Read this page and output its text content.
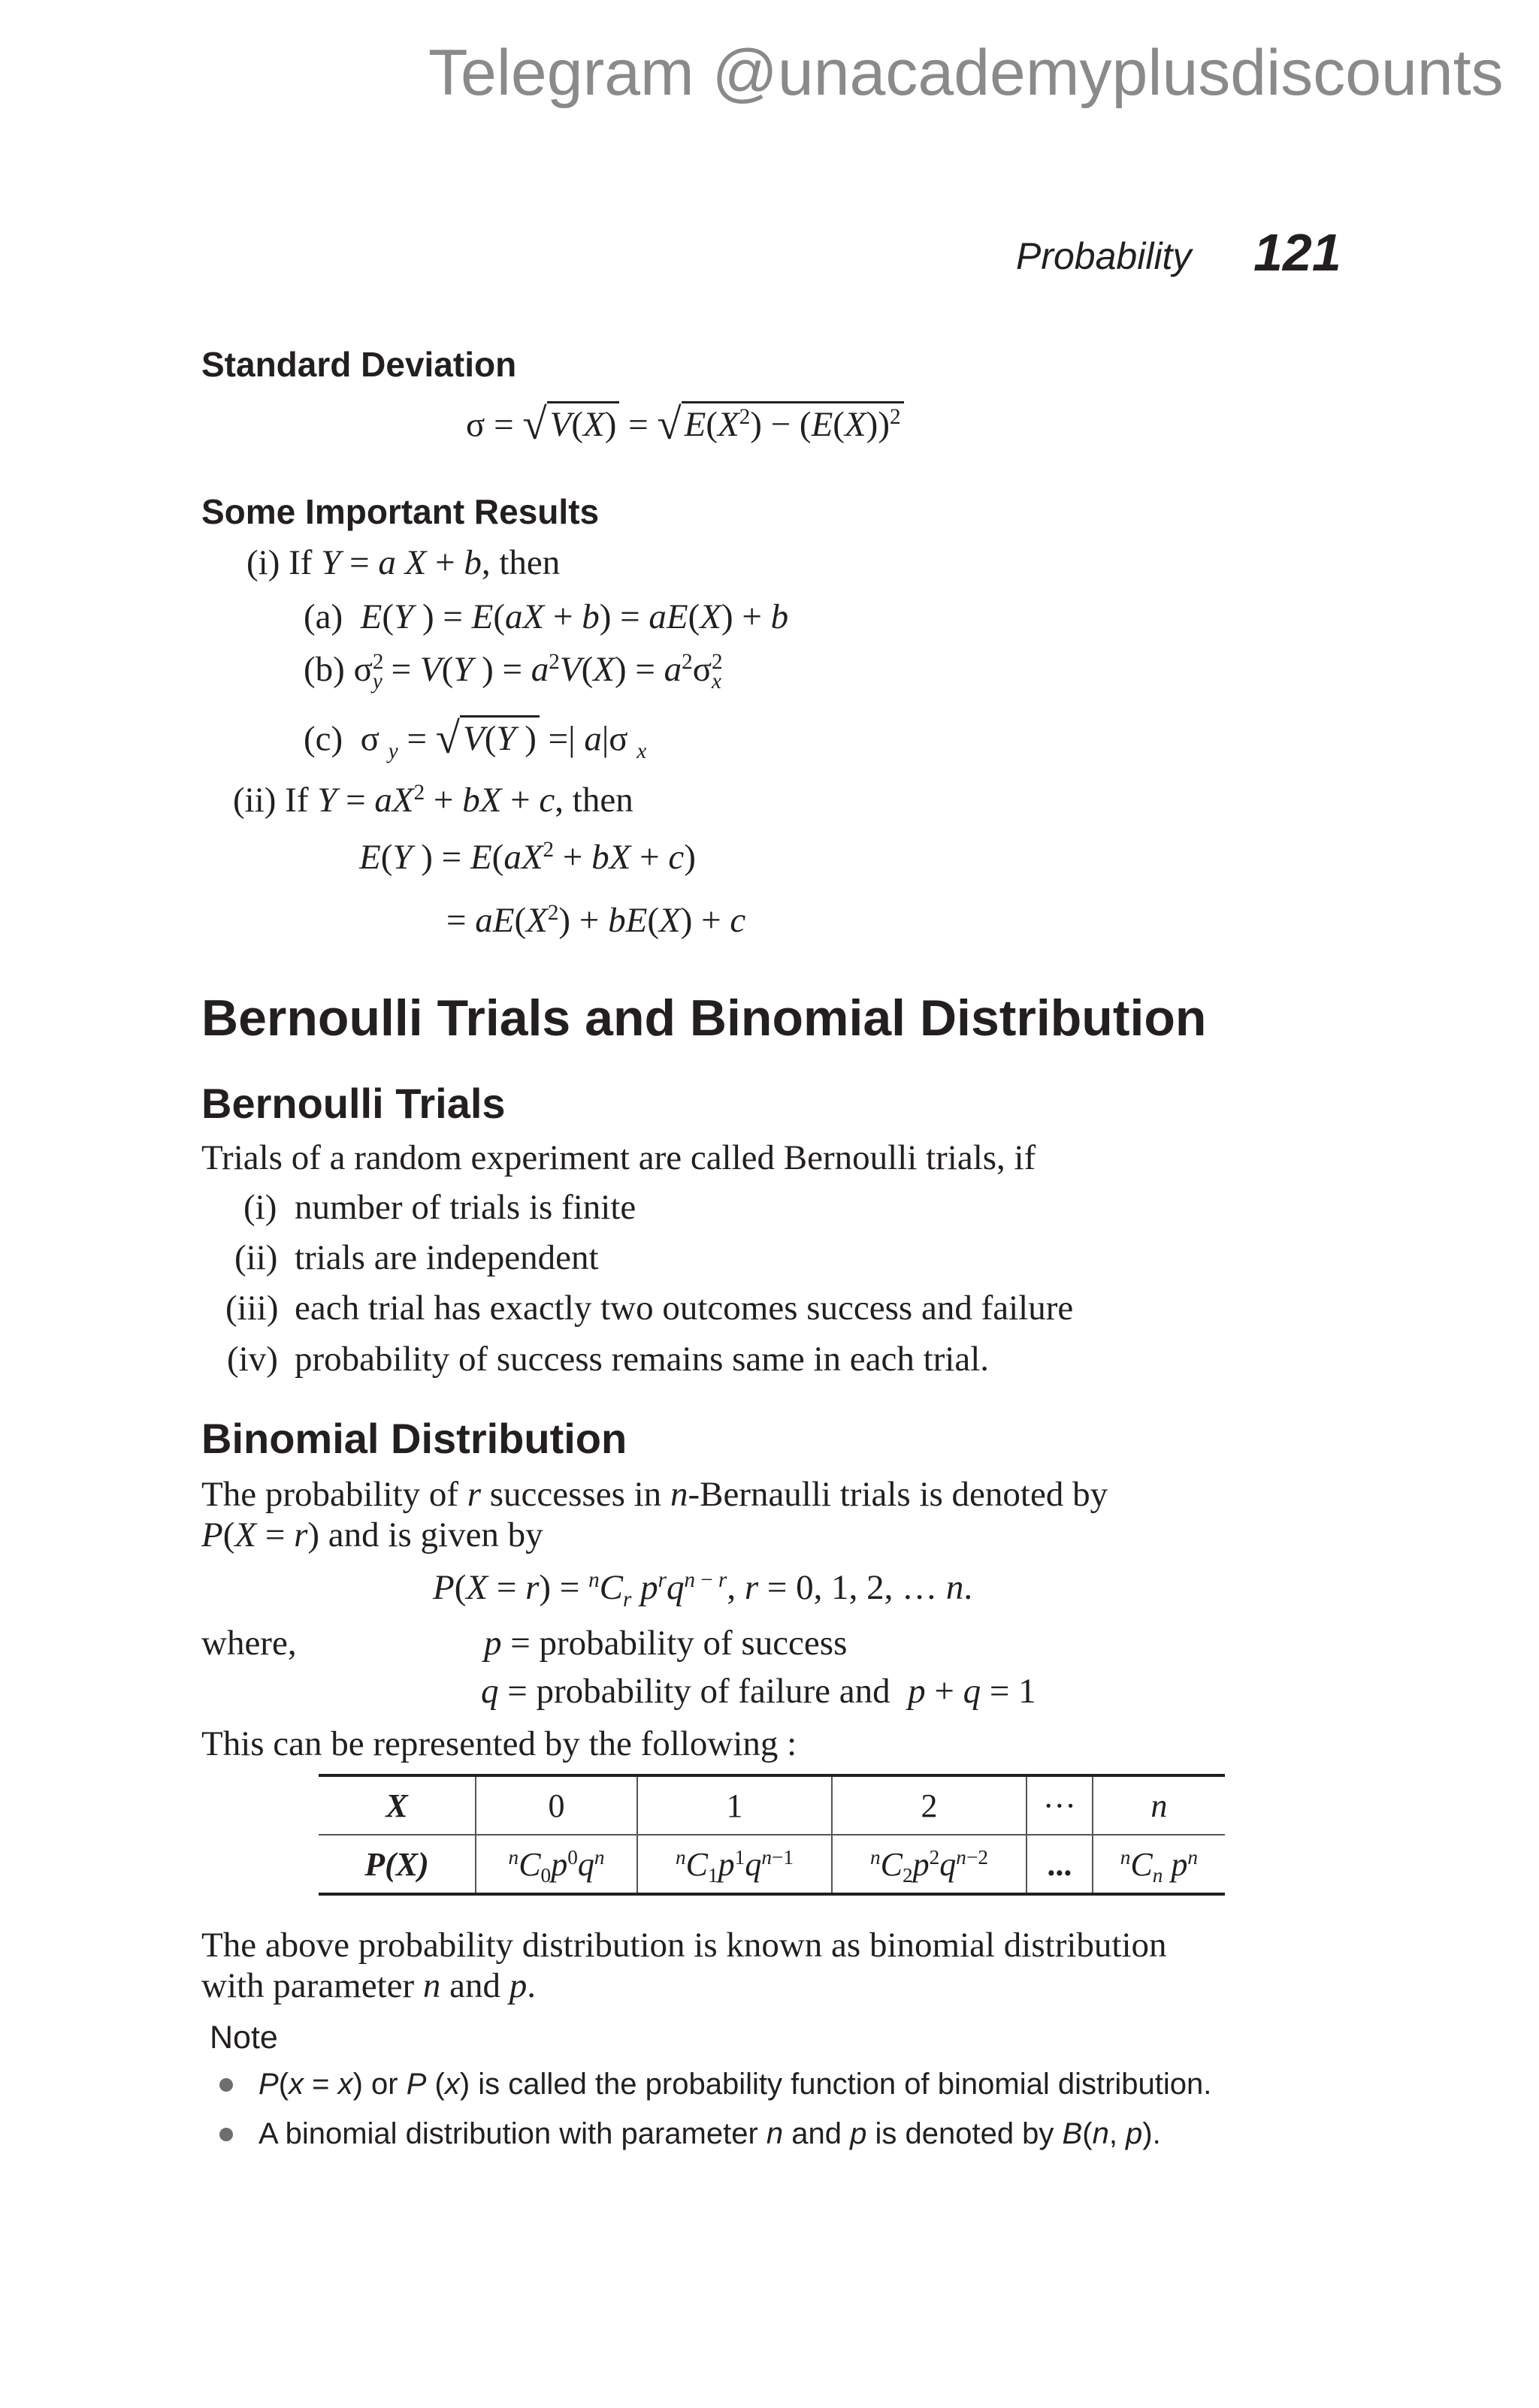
Telegram @unacademyplusdiscounts
Probability 121
Standard Deviation
$\sigma = √V(X) = √E(X^2) - (E(X))^2$
Some Important Results
(i) If Y = a X + b, then
(a) E(Y ) = E(aX + b) = aE(X) + b
(b) $\sigma^2_y = V(Y$ ) = $a^2V(X) = a^2\sigma^2_x$
(c)  σ $_y$ = √V(Y ) =| a|σ $_x$
(ii) If $Y = aX^2$ + bX + c, then
E(Y ) = $E(aX^2$ + bX + c)
= $aE(X^2) + bE(X) + c$
Bernoulli Trials and Binomial Distribution
Bernoulli Trials
Trials of a random experiment are called Bernoulli trials, if
(i) number of trials is finite
(ii) trials are independent
(iii) each trial has exactly two outcomes success and failure
(iv) probability of success remains same in each trial.
Binomial Distribution
The probability of r successes in n-Bernaulli trials is denoted by
P(X = r) and is given by
$P(X = r) = ^nC_r$ $p^rq^{n - r}$, r = 0, 1, 2, … n.
where,	p = probability of success
q = probability of failure and p + q = 1
This can be represented by the following :
X	0	1	2	···	n
P(X)	$^nC_0p^0q^n$	$^nC_1p^1q^{n-1}$	$^nC_2p^2q^{n-2}$	...	$^nC_n$ $p^n$
The above probability distribution is known as binomial distribution
with parameter n and p.
Note
P(x = x) or P (x) is called the probability function of binomial distribution.
A binomial distribution with parameter n and p is denoted by B(n, p).
